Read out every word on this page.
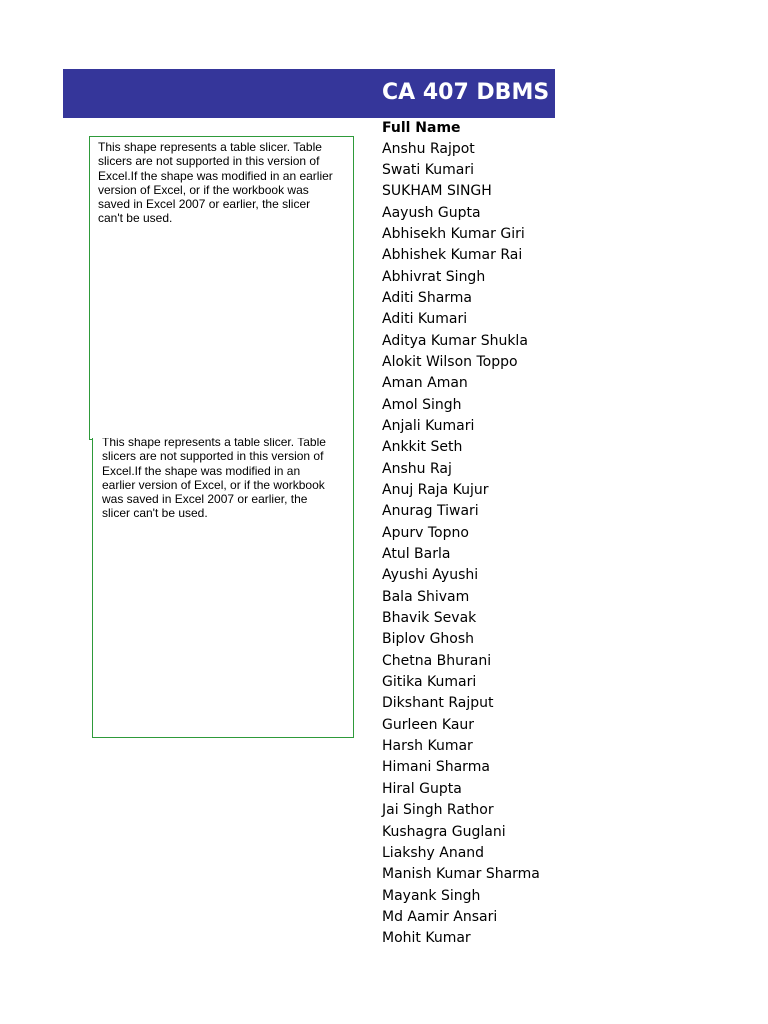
CA 407 DBMS
This shape represents a table slicer. Table
slicers are not supported in this version of
Excel.If the shape was modified in an earlier
version of Excel, or if the workbook was
saved in Excel 2007 or earlier, the slicer
can't be used.
This shape represents a table slicer. Table
slicers are not supported in this version of
Excel.If the shape was modified in an
earlier version of Excel, or if the workbook
was saved in Excel 2007 or earlier, the
slicer can't be used.
Full Name
Anshu Rajpot
Swati Kumari
SUKHAM SINGH
Aayush Gupta
Abhisekh Kumar Giri
Abhishek Kumar Rai
Abhivrat Singh
Aditi Sharma
Aditi Kumari
Aditya Kumar Shukla
Alokit Wilson Toppo
Aman Aman
Amol Singh
Anjali Kumari
Ankkit Seth
Anshu Raj
Anuj Raja Kujur
Anurag Tiwari
Apurv Topno
Atul Barla
Ayushi Ayushi
Bala Shivam
Bhavik Sevak
Biplov Ghosh
Chetna Bhurani
Gitika Kumari
Dikshant Rajput
Gurleen Kaur
Harsh Kumar
Himani Sharma
Hiral Gupta
Jai Singh Rathor
Kushagra Guglani
Liakshy Anand
Manish Kumar Sharma
Mayank Singh
Md Aamir Ansari
Mohit Kumar
